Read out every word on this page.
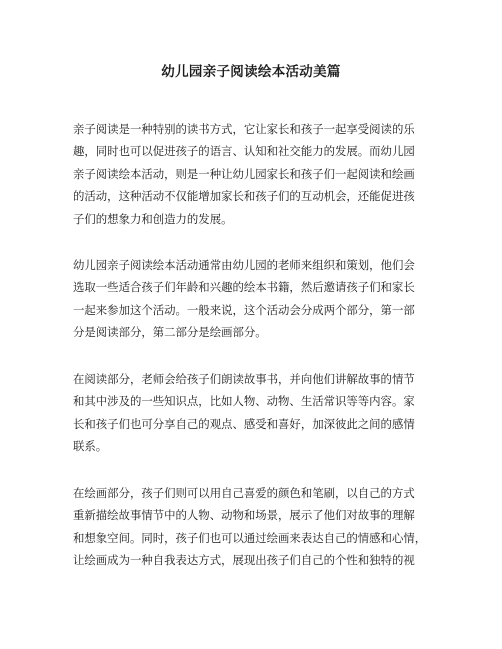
幼儿园亲子阅读绘本活动美篇

亲子阅读是一种特别的读书方式，它让家长和孩子一起享受阅读的乐
趣，同时也可以促进孩子的语言、认知和社交能力的发展。而幼儿园
亲子阅读绘本活动，则是一种让幼儿园家长和孩子们一起阅读和绘画
的活动，这种活动不仅能增加家长和孩子们的互动机会，还能促进孩
子们的想象力和创造力的发展。

幼儿园亲子阅读绘本活动通常由幼儿园的老师来组织和策划，他们会
选取一些适合孩子们年龄和兴趣的绘本书籍，然后邀请孩子们和家长
一起来参加这个活动。一般来说，这个活动会分成两个部分，第一部
分是阅读部分，第二部分是绘画部分。

在阅读部分，老师会给孩子们朗读故事书，并向他们讲解故事的情节
和其中涉及的一些知识点，比如人物、动物、生活常识等等内容。家
长和孩子们也可分享自己的观点、感受和喜好，加深彼此之间的感情
联系。

在绘画部分，孩子们则可以用自己喜爱的颜色和笔刷，以自己的方式
重新描绘故事情节中的人物、动物和场景，展示了他们对故事的理解
和想象空间。同时，孩子们也可以通过绘画来表达自己的情感和心情，
让绘画成为一种自我表达方式，展现出孩子们自己的个性和独特的视
